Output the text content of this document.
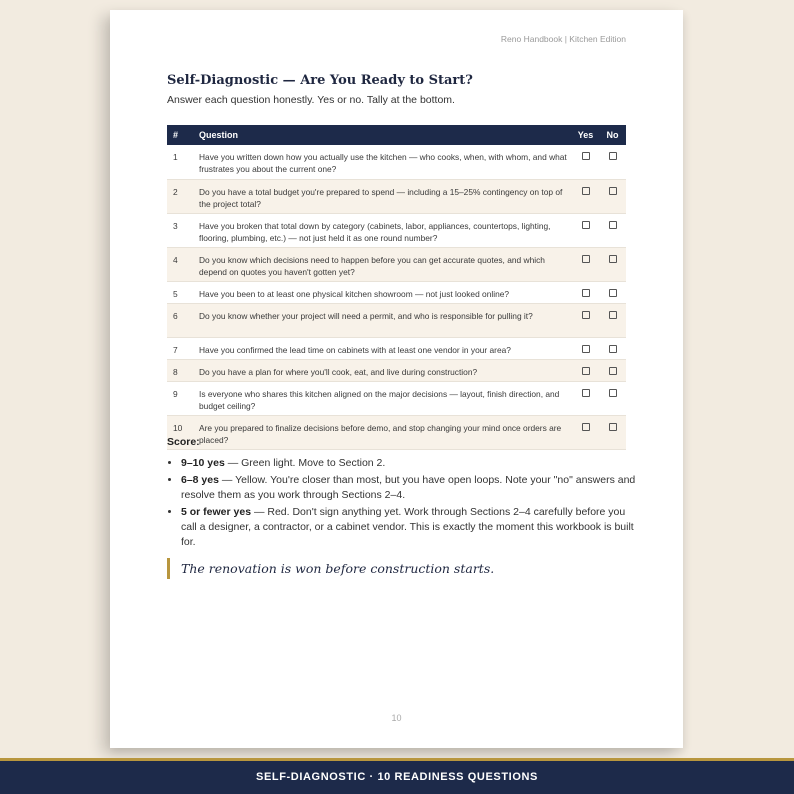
Reno Handbook | Kitchen Edition
Self-Diagnostic — Are You Ready to Start?
Answer each question honestly. Yes or no. Tally at the bottom.
#	Question	Yes	No
1	Have you written down how you actually use the kitchen — who cooks, when, with whom, and what frustrates you about the current one?		
2	Do you have a total budget you're prepared to spend — including a 15–25% contingency on top of the project total?		
3	Have you broken that total down by category (cabinets, labor, appliances, countertops, lighting, flooring, plumbing, etc.) — not just held it as one round number?		
4	Do you know which decisions need to happen before you can get accurate quotes, and which depend on quotes you haven't gotten yet?		
5	Have you been to at least one physical kitchen showroom — not just looked online?		
6	Do you know whether your project will need a permit, and who is responsible for pulling it?		
7	Have you confirmed the lead time on cabinets with at least one vendor in your area?		
8	Do you have a plan for where you'll cook, eat, and live during construction?		
9	Is everyone who shares this kitchen aligned on the major decisions — layout, finish direction, and budget ceiling?		
10	Are you prepared to finalize decisions before demo, and stop changing your mind once orders are placed?		
Score:
• 9–10 yes — Green light. Move to Section 2.
• 6–8 yes — Yellow. You're closer than most, but you have open loops. Note your "no" answers and resolve them as you work through Sections 2–4.
• 5 or fewer yes — Red. Don't sign anything yet. Work through Sections 2–4 carefully before you call a designer, a contractor, or a cabinet vendor. This is exactly the moment this workbook is built for.
The renovation is won before construction starts.
10
SELF-DIAGNOSTIC · 10 READINESS QUESTIONS
